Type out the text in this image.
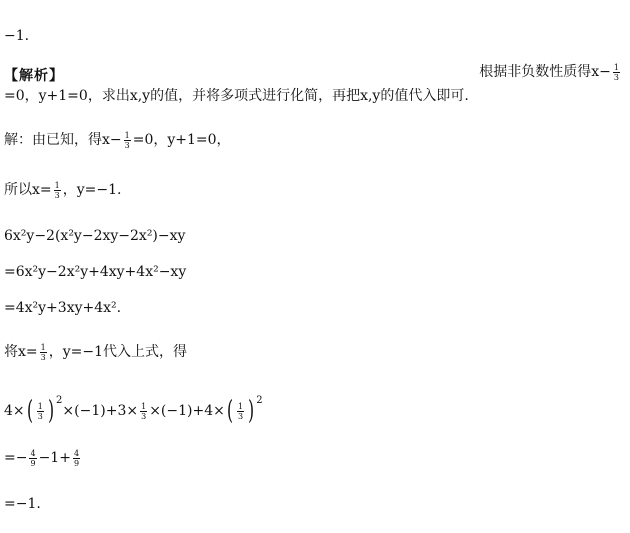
−1.
【解析】	根据非负数性质得$x- \frac{1}{3}$
=0，y+1=0，求出x,y的值，并将多项式进行化简，再把x,y的值代入即可.
解：由已知，得$x- \frac{1}{3} =0$，y+1=0，
所以$x= \frac{1}{3}$ ，y=−1.
6x²y−2(x²y−2xy−2x²)−xy
=6x²y−2x²y+4xy+4x²−xy
=4x²y+3xy+4x².
将$x= \frac{1}{3}$ ，y=−1代入上式，得
$4\times( \frac{1}{3}$ ) $^2\times(-1)+3\times \frac{1}{3} \times(-1)+4\times( \frac{1}{3}$ ) $^2$
=− $\frac{4}{9} -1+ \frac{4}{9}$
=−1.
